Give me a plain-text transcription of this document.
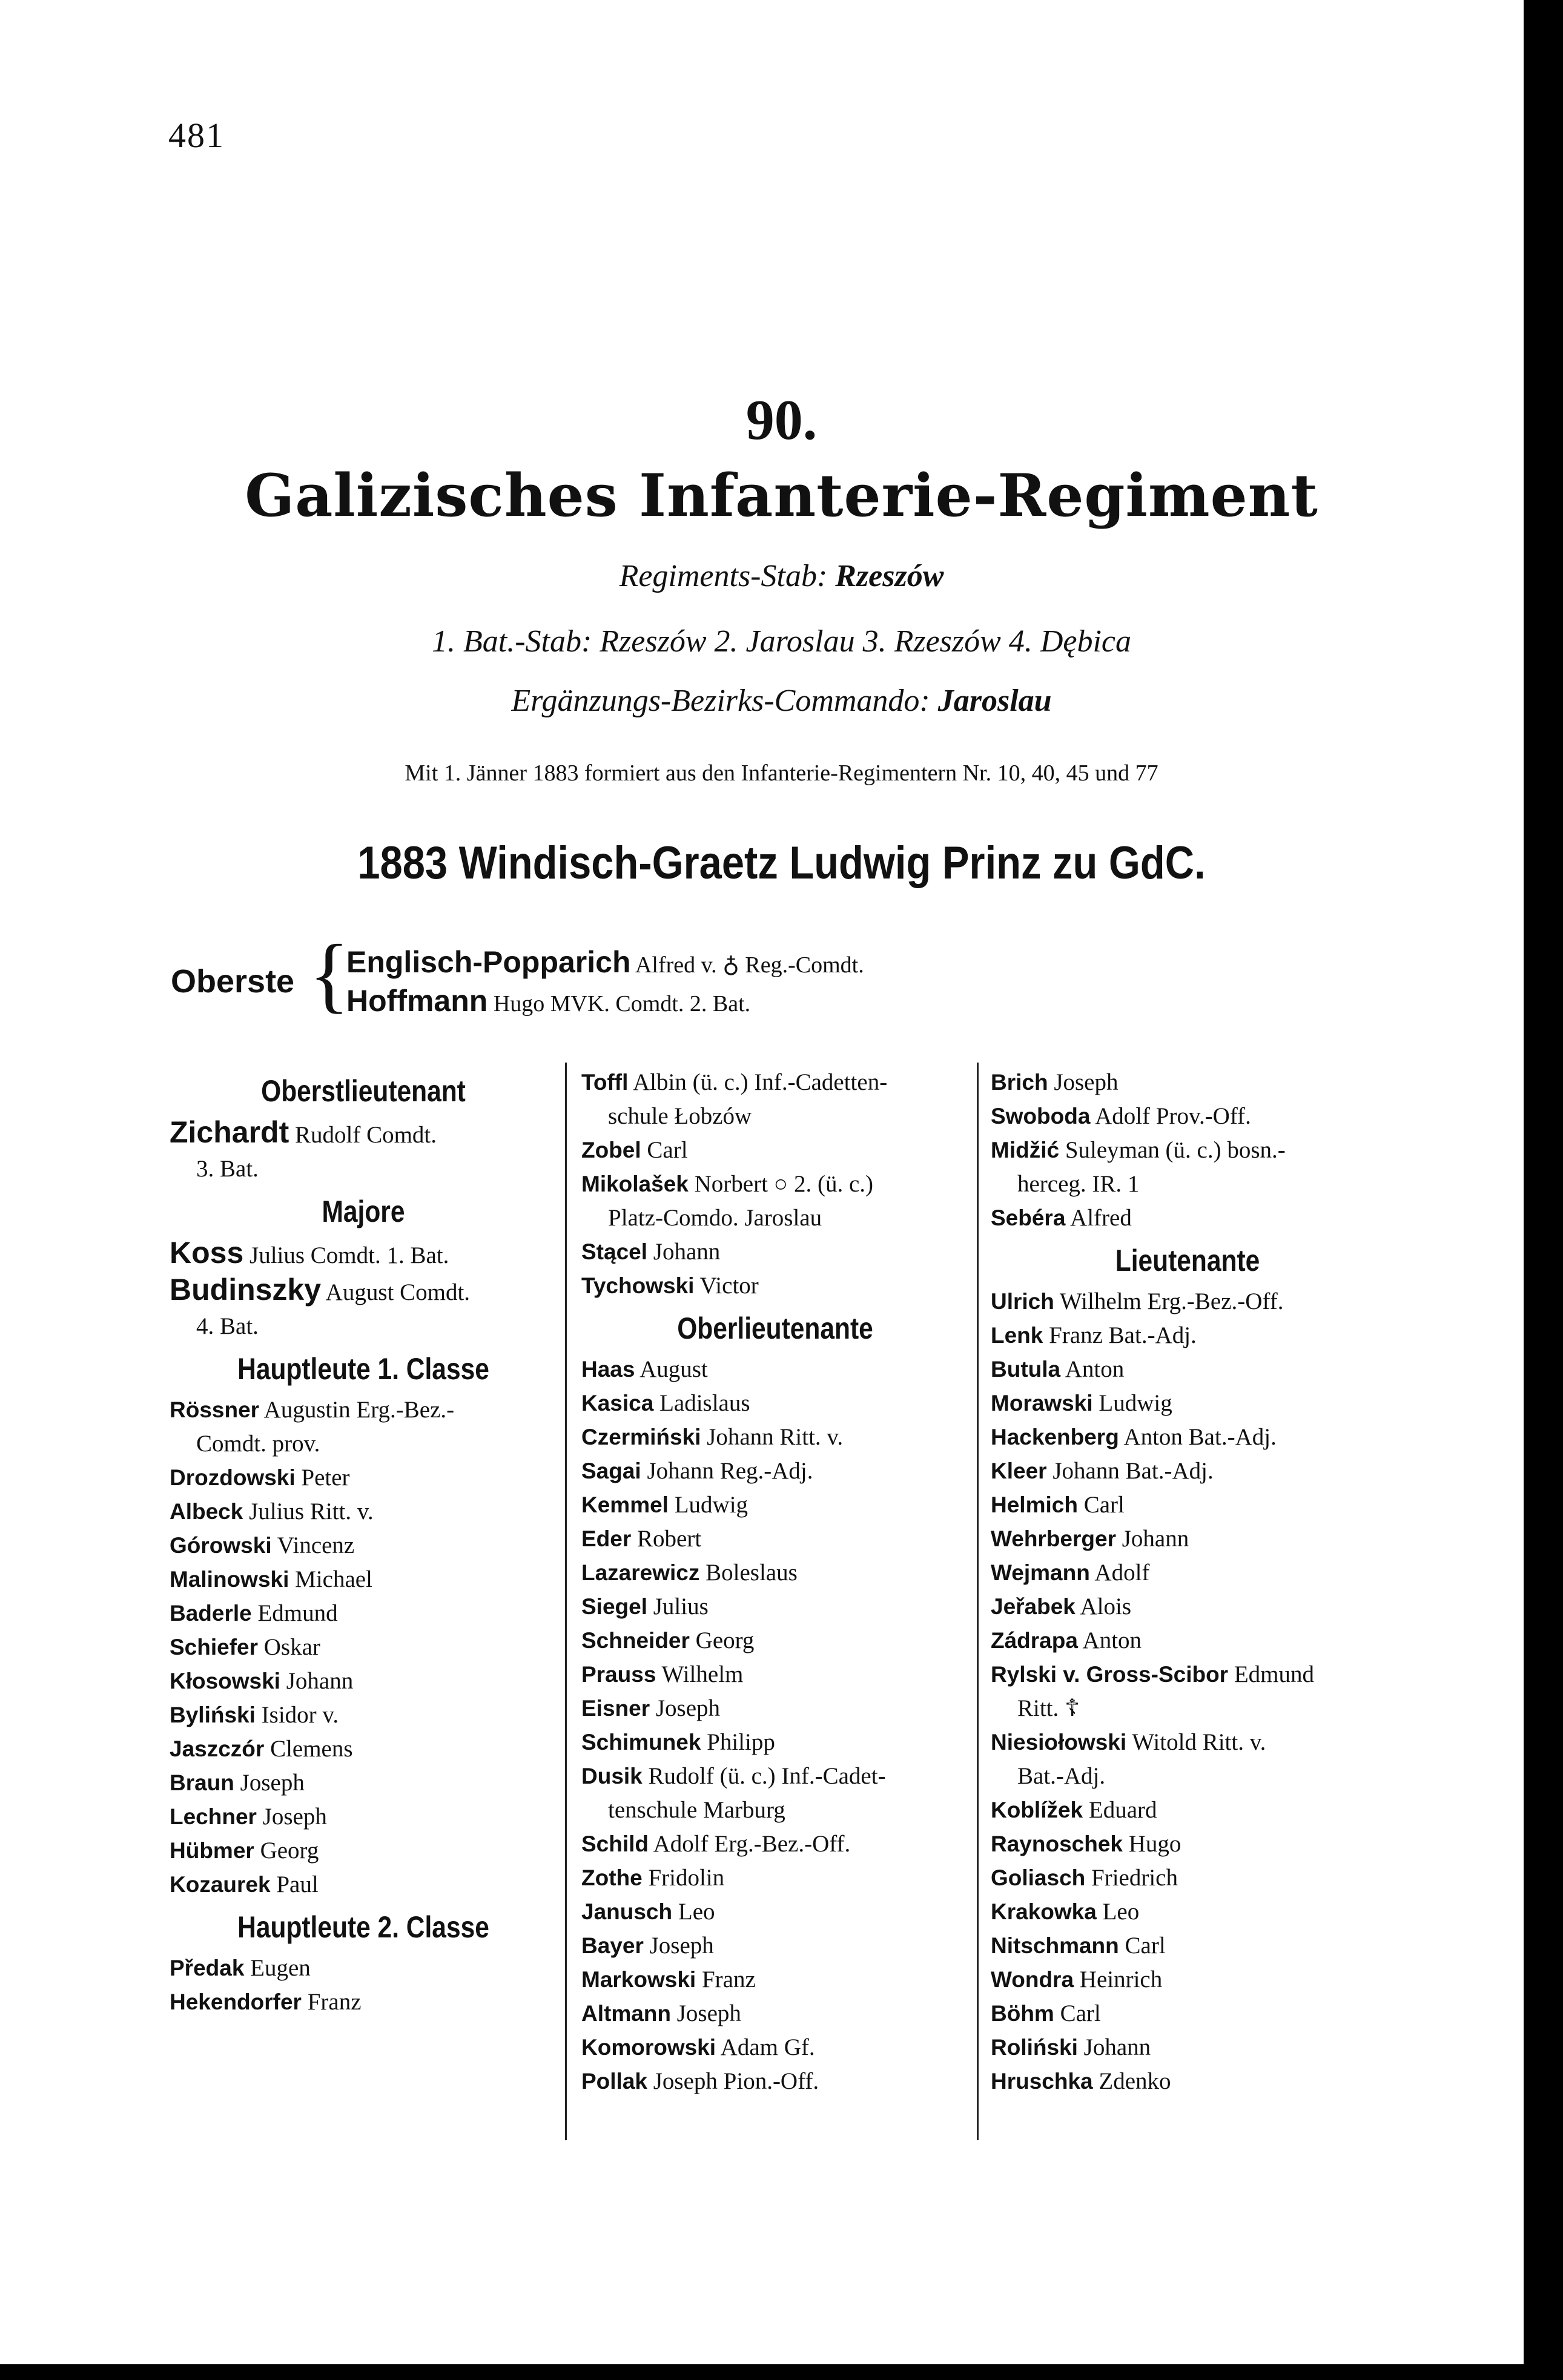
481
90.
Galizisches Infanterie-Regiment
Regiments-Stab: Rzeszów
1. Bat.-Stab: Rzeszów 2. Jaroslau 3. Rzeszów 4. Dębica
Ergänzungs-Bezirks-Commando: Jaroslau
Mit 1. Jänner 1883 formiert aus den Infanterie-Regimentern Nr. 10, 40, 45 und 77
1883 Windisch-Graetz Ludwig Prinz zu GdC.
Oberste {
Englisch-Popparich Alfred v. ♁ Reg.-Comdt.
Hoffmann Hugo MVK. Comdt. 2. Bat.
Oberstlieutenant
Zichardt Rudolf Comdt.
3. Bat.
Majore
Koss Julius Comdt. 1. Bat.
Budinszky August Comdt.
4. Bat.
Hauptleute 1. Classe
Rössner Augustin Erg.-Bez.-
Comdt. prov.
Drozdowski Peter
Albeck Julius Ritt. v.
Górowski Vincenz
Malinowski Michael
Baderle Edmund
Schiefer Oskar
Kłosowski Johann
Byliński Isidor v.
Jaszczór Clemens
Braun Joseph
Lechner Joseph
Hübmer Georg
Kozaurek Paul
Hauptleute 2. Classe
Předak Eugen
Hekendorfer Franz
Toffl Albin (ü. c.) Inf.-Cadetten-
schule Łobzów
Zobel Carl
Mikolašek Norbert ○ 2. (ü. c.)
Platz-Comdo. Jaroslau
Stącel Johann
Tychowski Victor
Oberlieutenante
Haas August
Kasica Ladislaus
Czermiński Johann Ritt. v.
Sagai Johann Reg.-Adj.
Kemmel Ludwig
Eder Robert
Lazarewicz Boleslaus
Siegel Julius
Schneider Georg
Prauss Wilhelm
Eisner Joseph
Schimunek Philipp
Dusik Rudolf (ü. c.) Inf.-Cadet-
tenschule Marburg
Schild Adolf Erg.-Bez.-Off.
Zothe Fridolin
Janusch Leo
Bayer Joseph
Markowski Franz
Altmann Joseph
Komorowski Adam Gf.
Pollak Joseph Pion.-Off.
Brich Joseph
Swoboda Adolf Prov.-Off.
Midžić Suleyman (ü. c.) bosn.-
herceg. IR. 1
Sebéra Alfred
Lieutenante
Ulrich Wilhelm Erg.-Bez.-Off.
Lenk Franz Bat.-Adj.
Butula Anton
Morawski Ludwig
Hackenberg Anton Bat.-Adj.
Kleer Johann Bat.-Adj.
Helmich Carl
Wehrberger Johann
Wejmann Adolf
Jeřabek Alois
Zádrapa Anton
Rylski v. Gross-Scibor Edmund
Ritt. ☦
Niesiołowski Witold Ritt. v.
Bat.-Adj.
Koblížek Eduard
Raynoschek Hugo
Goliasch Friedrich
Krakowka Leo
Nitschmann Carl
Wondra Heinrich
Böhm Carl
Roliński Johann
Hruschka Zdenko
